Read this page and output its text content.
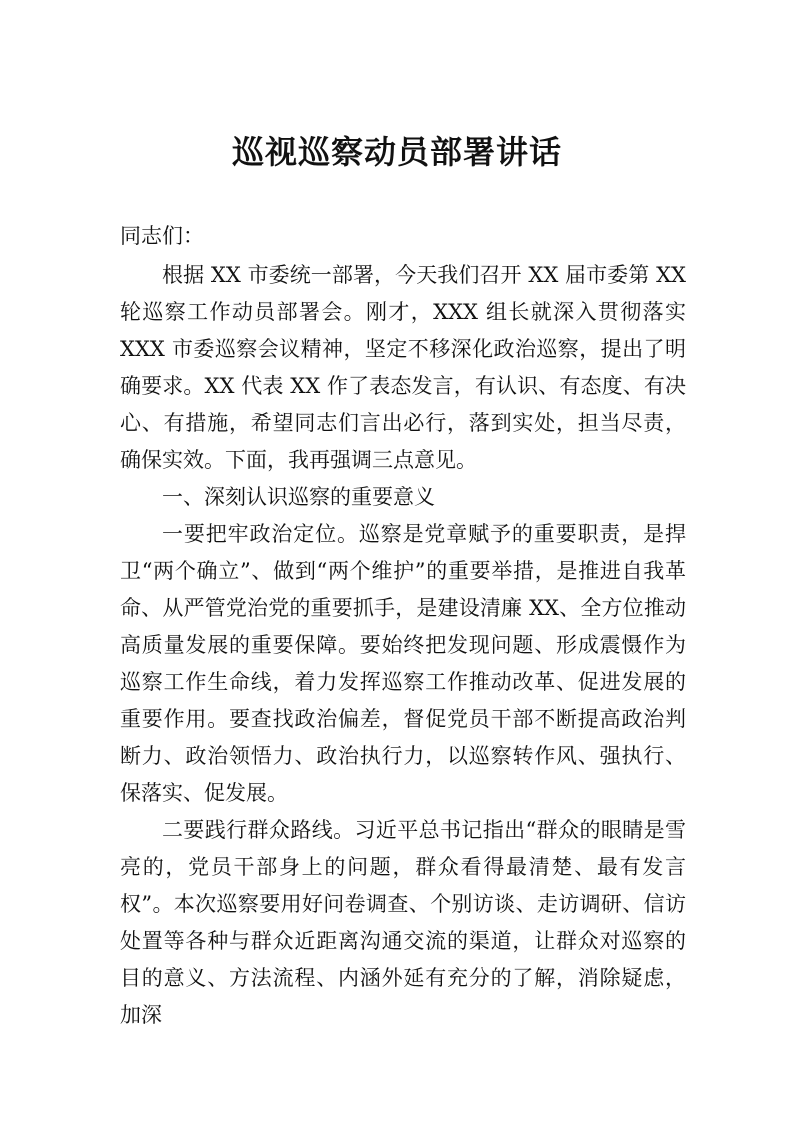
巡视巡察动员部署讲话

同志们：

根据 XX 市委统一部署，今天我们召开 XX 届市委第 XX 轮巡察工作动员部署会。刚才，XXX 组长就深入贯彻落实 XXX 市委巡察会议精神，坚定不移深化政治巡察，提出了明确要求。XX 代表 XX 作了表态发言，有认识、有态度、有决心、有措施，希望同志们言出必行，落到实处，担当尽责， 确保实效。下面，我再强调三点意见。

一、深刻认识巡察的重要意义

一要把牢政治定位。巡察是党章赋予的重要职责，是捍卫“两个确立”、做到“两个维护”的重要举措，是推进自我革命、从严管党治党的重要抓手，是建设清廉 XX、全方位推动高质量发展的重要保障。要始终把发现问题、形成震慑作为巡察工作生命线，着力发挥巡察工作推动改革、促进发展的重要作用。要查找政治偏差，督促党员干部不断提高政治判断力、政治领悟力、政治执行力，以巡察转作风、强执行、保落实、促发展。

二要践行群众路线。习近平总书记指出“群众的眼睛是雪亮的，党员干部身上的问题，群众看得最清楚、最有发言权”。本次巡察要用好问卷调查、个别访谈、走访调研、信访处置等各种与群众近距离沟通交流的渠道，让群众对巡察的目的意义、方法流程、内涵外延有充分的了解，消除疑虑，加深
